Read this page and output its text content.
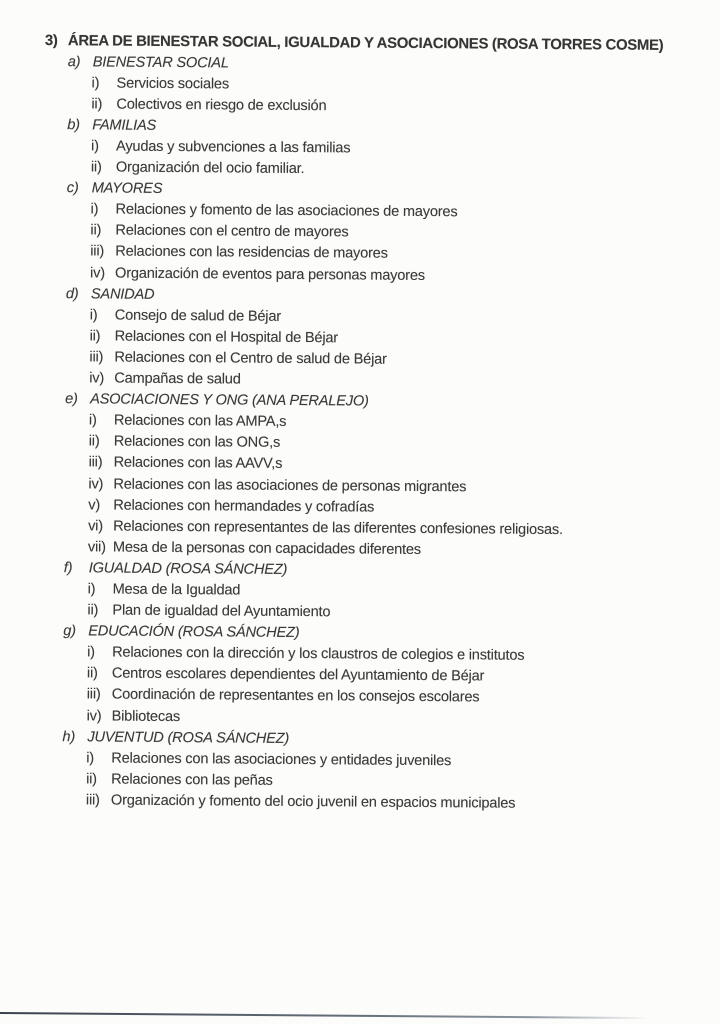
3) ÁREA DE BIENESTAR SOCIAL, IGUALDAD Y ASOCIACIONES (ROSA TORRES COSME)
a) BIENESTAR SOCIAL
i)	Servicios sociales
ii) Colectivos en riesgo de exclusión
b) FAMILIAS
i)	Ayudas y subvenciones a las familias
ii) Organización del ocio familiar.
c) MAYORES
i)	Relaciones y fomento de las asociaciones de mayores
ii) Relaciones con el centro de mayores
iii) Relaciones con las residencias de mayores
iv) Organización de eventos para personas mayores
d) SANIDAD
i)	Consejo de salud de Béjar
ii) Relaciones con el Hospital de Béjar
iii) Relaciones con el Centro de salud de Béjar
iv) Campañas de salud
e) ASOCIACIONES Y ONG (ANA PERALEJO)
i)	Relaciones con las AMPA,s
ii) Relaciones con las ONG,s
iii) Relaciones con las AAVV,s
iv) Relaciones con las asociaciones de personas migrantes
v) Relaciones con hermandades y cofradías
vi) Relaciones con representantes de las diferentes confesiones religiosas.
vii) Mesa de la personas con capacidades diferentes
f)	IGUALDAD (ROSA SÁNCHEZ)
i)	Mesa de la Igualdad
ii) Plan de igualdad del Ayuntamiento
g) EDUCACIÓN (ROSA SÁNCHEZ)
i)	Relaciones con la dirección y los claustros de colegios e institutos
ii) Centros escolares dependientes del Ayuntamiento de Béjar
iii) Coordinación de representantes en los consejos escolares
iv) Bibliotecas
h) JUVENTUD (ROSA SÁNCHEZ)
i)	Relaciones con las asociaciones y entidades juveniles
ii) Relaciones con las peñas
iii) Organización y fomento del ocio juvenil en espacios municipales
